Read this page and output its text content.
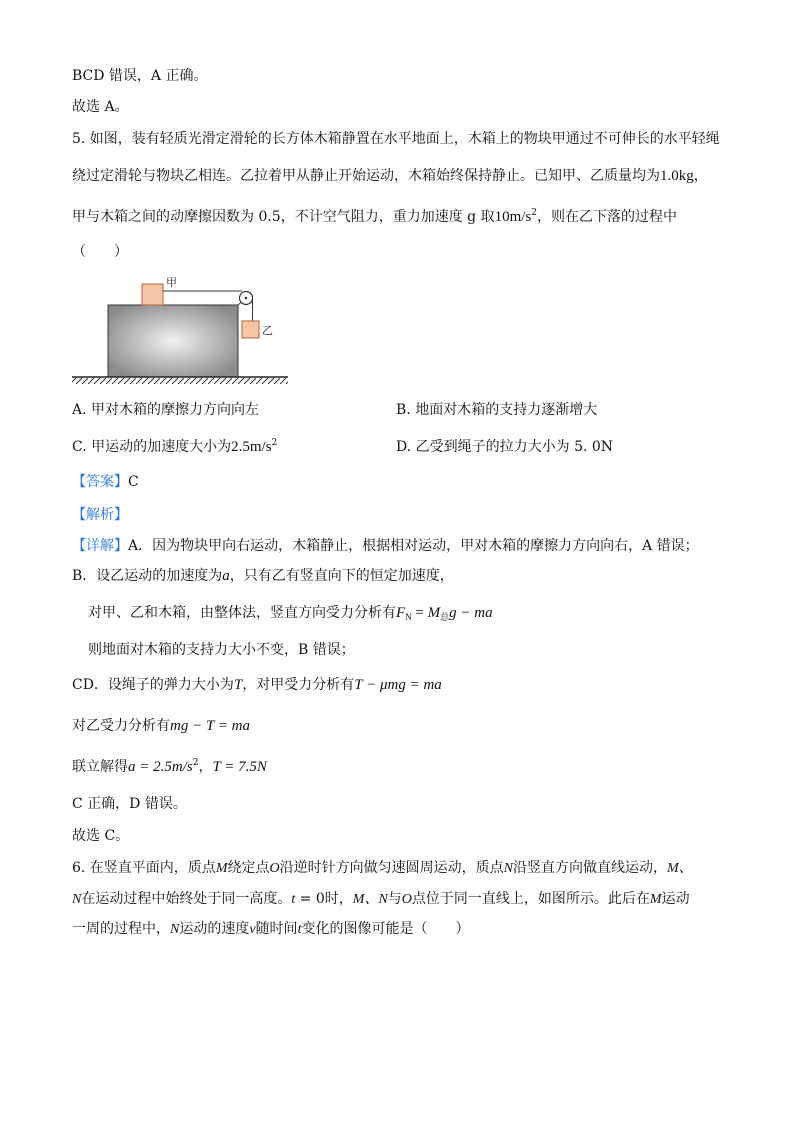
BCD 错误，A 正确。
故选 A。
5. 如图，装有轻质光滑定滑轮的长方体木箱静置在水平地面上，木箱上的物块甲通过不可伸长的水平轻绳
绕过定滑轮与物块乙相连。乙拉着甲从静止开始运动，木箱始终保持静止。已知甲、乙质量均为1.0kg，
甲与木箱之间的动摩擦因数为 0.5，不计空气阻力，重力加速度 g 取$10m/s^2$，则在乙下落的过程中
（　　）
甲
乙
A. 甲对木箱的摩擦力方向向左	B. 地面对木箱的支持力逐渐增大
C. 甲运动的加速度大小为$2.5m/s^2$	D. 乙受到绳子的拉力大小为 5. 0N
【答案】C
【解析】
【详解】A．因为物块甲向右运动，木箱静止，根据相对运动，甲对木箱的摩擦力方向向右，A 错误；
B．设乙运动的加速度为a，只有乙有竖直向下的恒定加速度，
对甲、乙和木箱，由整体法，竖直方向受力分析有$F_N = M_总g$ − ma
则地面对木箱的支持力大小不变，B 错误；
CD．设绳子的弹力大小为T，对甲受力分析有T − μmg = ma
对乙受力分析有mg − T = ma
联立解得$a = 2.5m/s^2$，T = 7.5N
C 正确，D 错误。
故选 C。
6. 在竖直平面内，质点M绕定点O沿逆时针方向做匀速圆周运动，质点N沿竖直方向做直线运动，M、
N在运动过程中始终处于同一高度。t = 0时，M、N与O点位于同一直线上，如图所示。此后在M运动
一周的过程中，N运动的速度v随时间t变化的图像可能是（　　）
